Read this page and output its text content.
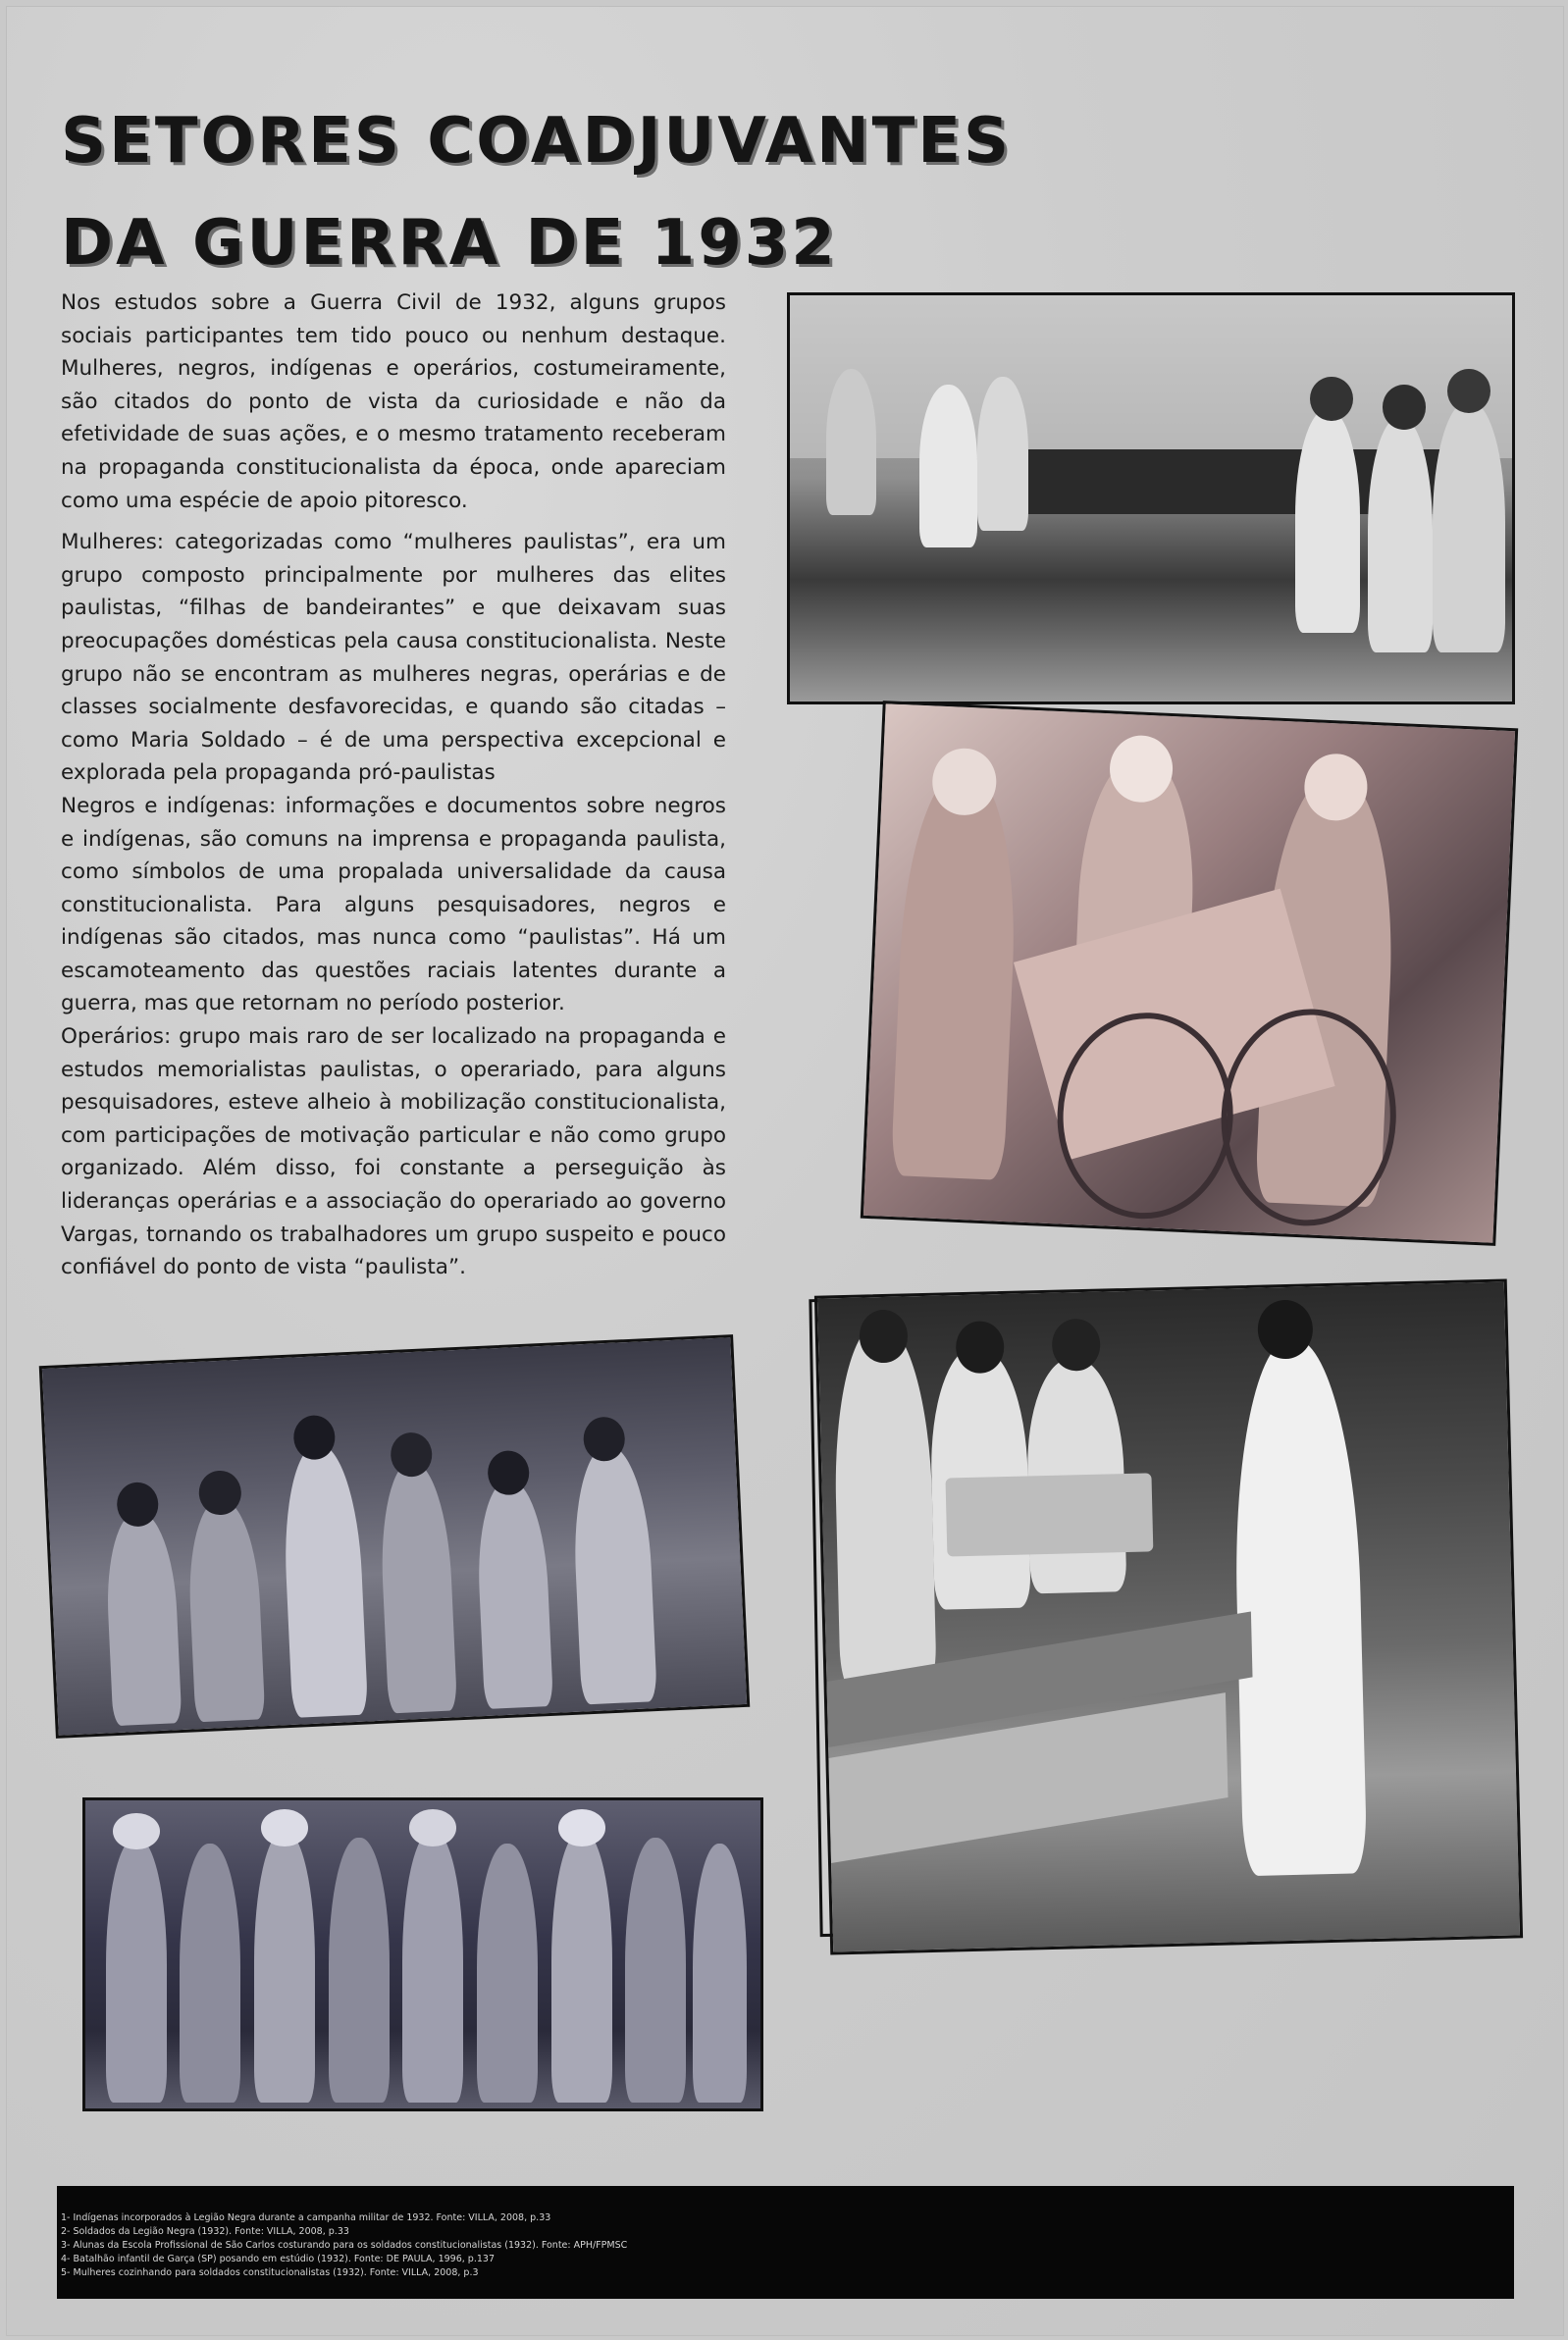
SETORES COADJUVANTES
DA GUERRA DE 1932

Nos estudos sobre a Guerra Civil de 1932, alguns grupos sociais participantes tem tido pouco ou nenhum destaque. Mulheres, negros, indígenas e operários, costumeiramente, são citados do ponto de vista da curiosidade e não da efetividade de suas ações, e o mesmo tratamento receberam na propaganda constitucionalista da época, onde apareciam como uma espécie de apoio pitoresco.

Mulheres: categorizadas como “mulheres paulistas”, era um grupo composto principalmente por mulheres das elites paulistas, “filhas de bandeirantes” e que deixavam suas preocupações domésticas pela causa constitucionalista. Neste grupo não se encontram as mulheres negras, operárias e de classes socialmente desfavorecidas, e quando são citadas – como Maria Soldado – é de uma perspectiva excepcional e explorada pela propaganda pró-paulistas

Negros e indígenas: informações e documentos sobre negros e indígenas, são comuns na imprensa e propaganda paulista, como símbolos de uma propalada universalidade da causa constitucionalista. Para alguns pesquisadores, negros e indígenas são citados, mas nunca como “paulistas”. Há um escamoteamento das questões raciais latentes durante a guerra, mas que retornam no período posterior.

Operários: grupo mais raro de ser localizado na propaganda e estudos memorialistas paulistas, o operariado, para alguns pesquisadores, esteve alheio à mobilização constitucionalista, com participações de motivação particular e não como grupo organizado. Além disso, foi constante a perseguição às lideranças operárias e a associação do operariado ao governo Vargas, tornando os trabalhadores um grupo suspeito e pouco confiável do ponto de vista “paulista”.

1- Indígenas incorporados à Legião Negra durante a campanha militar de 1932. Fonte: VILLA, 2008, p.33
2- Soldados da Legião Negra (1932). Fonte: VILLA, 2008, p.33
3- Alunas da Escola Profissional de São Carlos costurando para os soldados constitucionalistas (1932). Fonte: APH/FPMSC
4- Batalhão infantil de Garça (SP) posando em estúdio (1932). Fonte: DE PAULA, 1996, p.137
5- Mulheres cozinhando para soldados constitucionalistas (1932). Fonte: VILLA, 2008, p.3
